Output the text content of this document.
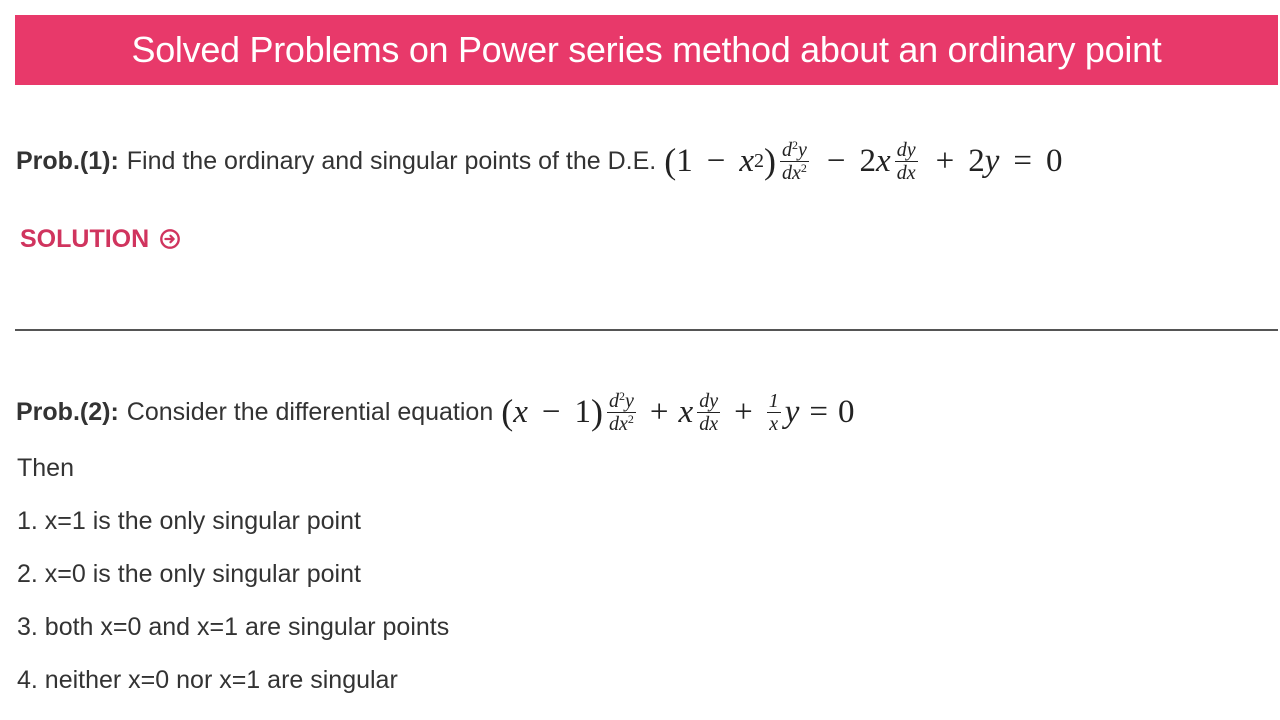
Solved Problems on Power series method about an ordinary point
Prob.(1): Find the ordinary and singular points of the D.E. ( 1 − x 2 ) $\frac{d^2y}{dx^2} - 2$ x $\frac{dy}{dx} + 2$ y = 0
SOLUTION
Prob.(2): Consider the differential equation ( x − 1 ) $\frac{d^2y}{dx^2} + x \frac{dy}{dx} + \frac{1}{x}$ y = 0
Then
1. x=1 is the only singular point
2. x=0 is the only singular point
3. both x=0 and x=1 are singular points
4. neither x=0 nor x=1 are singular
